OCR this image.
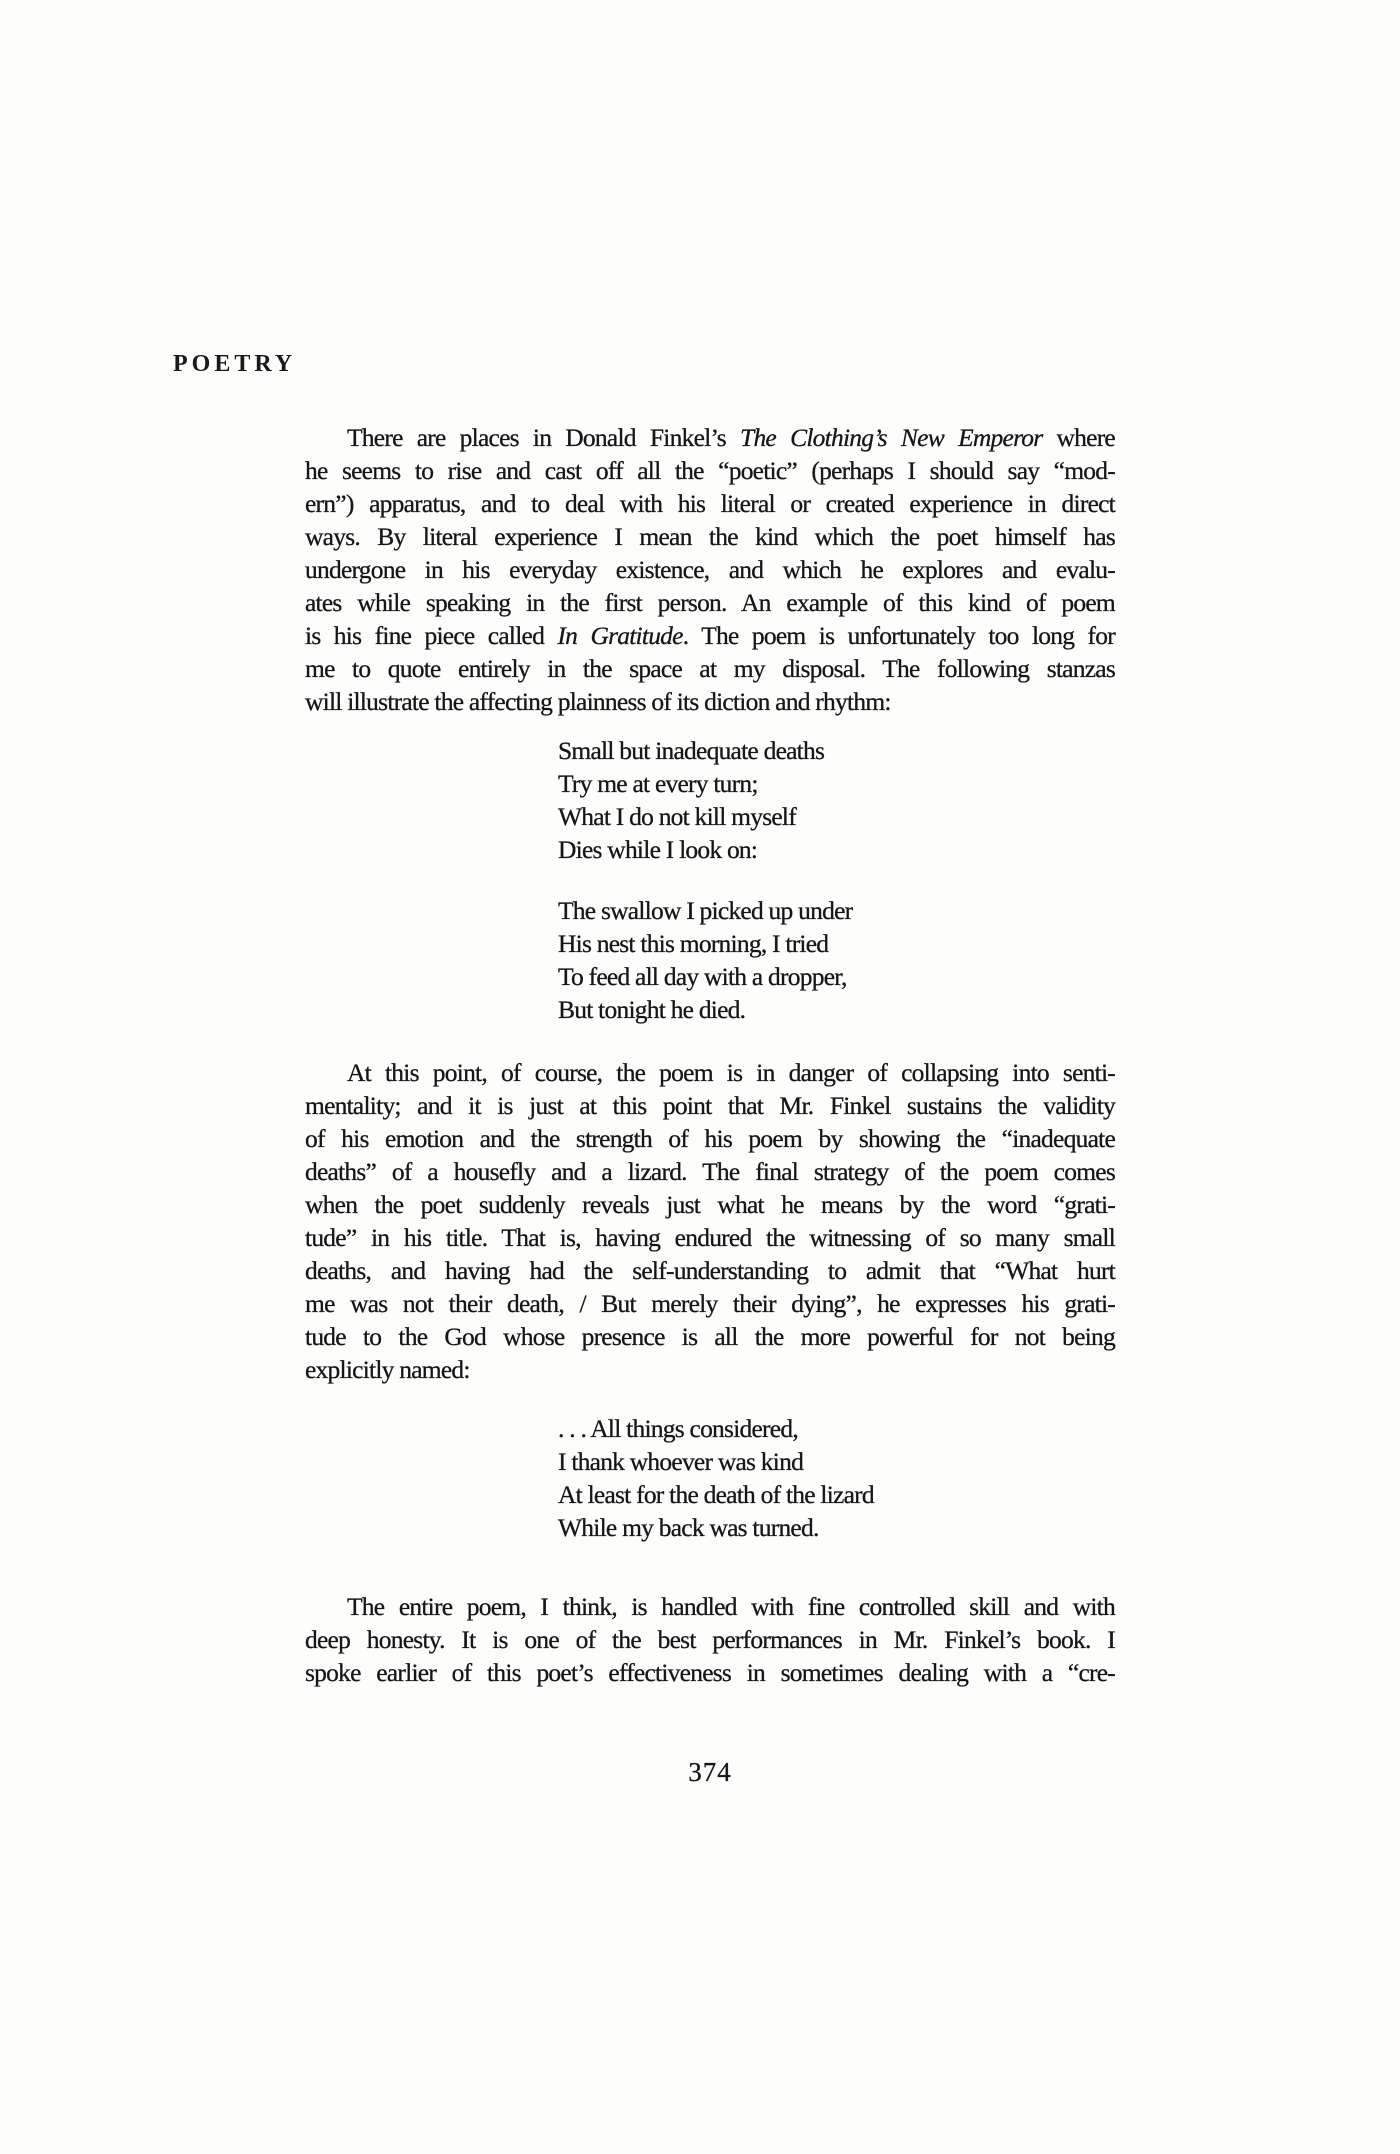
POETRY
There are places in Donald Finkel’s The Clothing’s New Emperor where
he seems to rise and cast off all the “poetic” (perhaps I should say “mod-
ern”) apparatus, and to deal with his literal or created experience in direct
ways. By literal experience I mean the kind which the poet himself has
undergone in his everyday existence, and which he explores and evalu-
ates while speaking in the first person. An example of this kind of poem
is his fine piece called In Gratitude. The poem is unfortunately too long for
me to quote entirely in the space at my disposal. The following stanzas
will illustrate the affecting plainness of its diction and rhythm:
Small but inadequate deaths
Try me at every turn;
What I do not kill myself
Dies while I look on:
The swallow I picked up under
His nest this morning, I tried
To feed all day with a dropper,
But tonight he died.
At this point, of course, the poem is in danger of collapsing into senti-
mentality; and it is just at this point that Mr. Finkel sustains the validity
of his emotion and the strength of his poem by showing the “inadequate
deaths” of a housefly and a lizard. The final strategy of the poem comes
when the poet suddenly reveals just what he means by the word “grati-
tude” in his title. That is, having endured the witnessing of so many small
deaths, and having had the self-understanding to admit that “What hurt
me was not their death, / But merely their dying”, he expresses his grati-
tude to the God whose presence is all the more powerful for not being
explicitly named:
. . . All things considered,
I thank whoever was kind
At least for the death of the lizard
While my back was turned.
The entire poem, I think, is handled with fine controlled skill and with
deep honesty. It is one of the best performances in Mr. Finkel’s book. I
spoke earlier of this poet’s effectiveness in sometimes dealing with a “cre-
374
